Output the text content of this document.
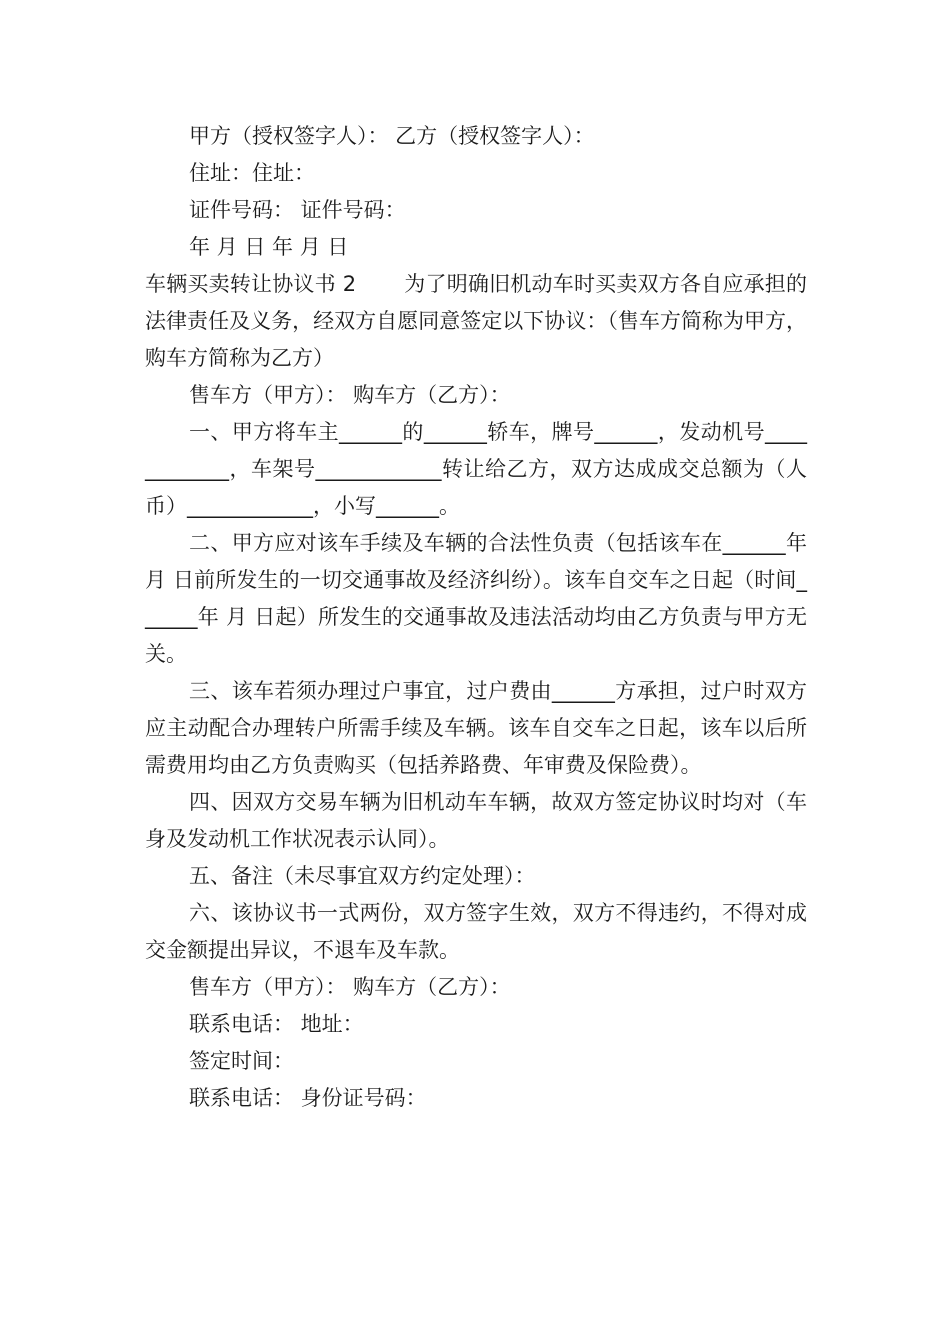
甲方（授权签字人）： 乙方（授权签字人）：
住址：住址：
证件号码： 证件号码：
年 月 日 年 月 日
车辆买卖转让协议书 2 为了明确旧机动车时买卖双方各自应承担的法律责任及义务，经双方自愿同意签定以下协议：（售车方简称为甲方，购车方简称为乙方）
售车方（甲方）： 购车方（乙方）：
一、甲方将车主______的______轿车，牌号______，发动机号____________，车架号____________转让给乙方，双方达成成交总额为（人币）____________，小写______。
二、甲方应对该车手续及车辆的合法性负责（包括该车在______年 月 日前所发生的一切交通事故及经济纠纷）。该车自交车之日起（时间______年 月 日起）所发生的交通事故及违法活动均由乙方负责与甲方无关。
三、该车若须办理过户事宜，过户费由______方承担，过户时双方应主动配合办理转户所需手续及车辆。该车自交车之日起，该车以后所需费用均由乙方负责购买（包括养路费、年审费及保险费）。
四、因双方交易车辆为旧机动车车辆，故双方签定协议时均对（车身及发动机工作状况表示认同）。
五、备注（未尽事宜双方约定处理）：
六、该协议书一式两份，双方签字生效，双方不得违约，不得对成交金额提出异议，不退车及车款。
售车方（甲方）： 购车方（乙方）：
联系电话： 地址：
签定时间：
联系电话： 身份证号码：
